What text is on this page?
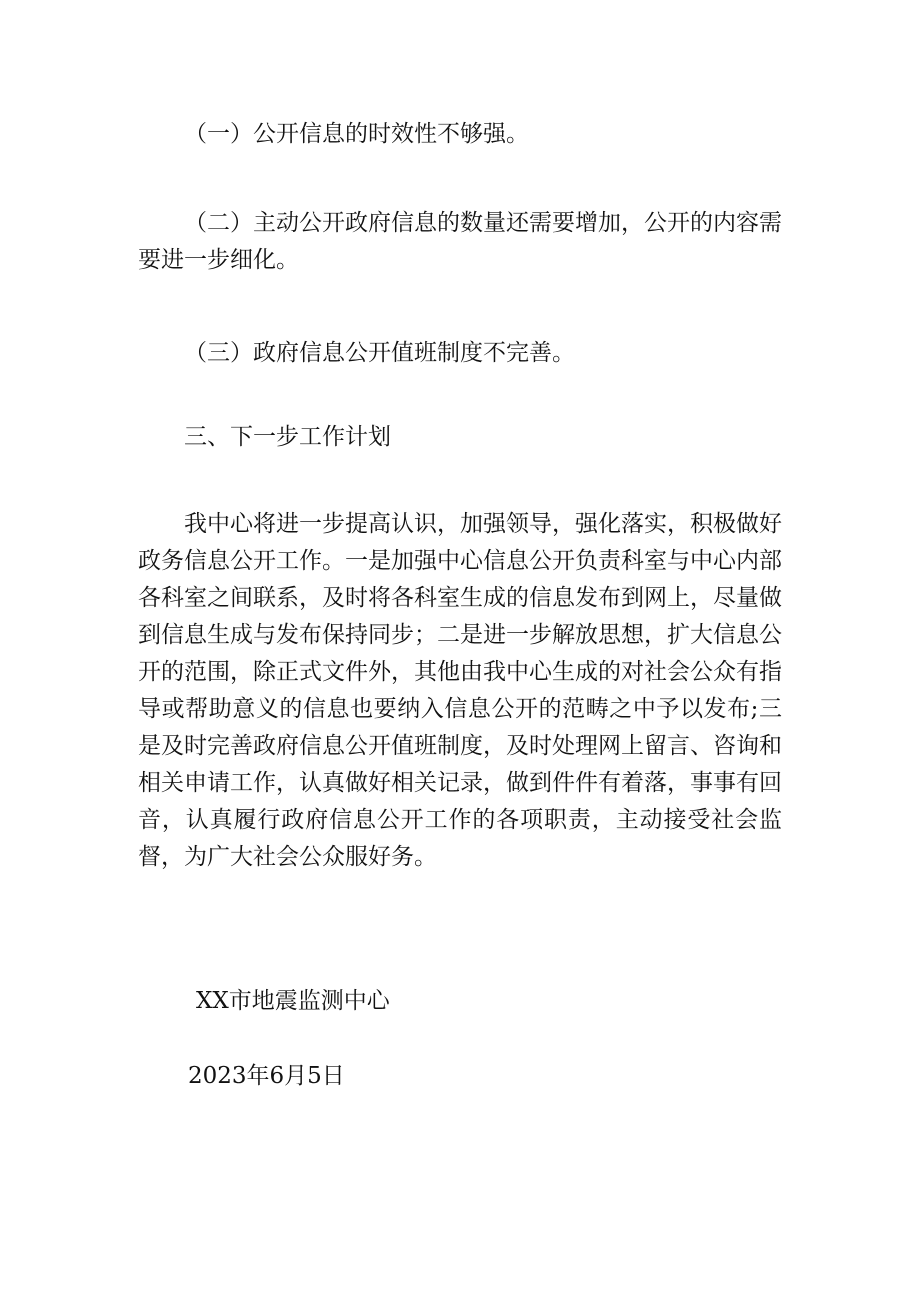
（一）公开信息的时效性不够强。
（二）主动公开政府信息的数量还需要增加，公开的内容需要进一步细化。
（三）政府信息公开值班制度不完善。
三、下一步工作计划
我中心将进一步提高认识，加强领导，强化落实，积极做好政务信息公开工作。一是加强中心信息公开负责科室与中心内部各科室之间联系，及时将各科室生成的信息发布到网上，尽量做到信息生成与发布保持同步；二是进一步解放思想，扩大信息公开的范围，除正式文件外，其他由我中心生成的对社会公众有指导或帮助意义的信息也要纳入信息公开的范畴之中予以发布;三是及时完善政府信息公开值班制度，及时处理网上留言、咨询和相关申请工作，认真做好相关记录，做到件件有着落，事事有回音，认真履行政府信息公开工作的各项职责，主动接受社会监督，为广大社会公众服好务。
XX市地震监测中心
2023年6月5日
